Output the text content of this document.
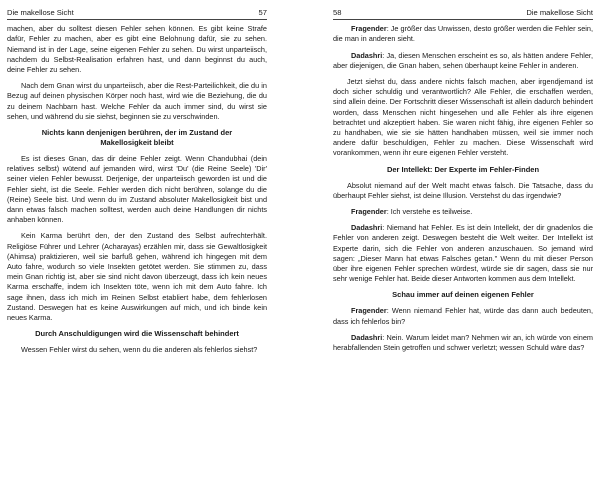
Die makellose Sicht	57

machen, aber du solltest diesen Fehler sehen können. Es gibt keine Strafe dafür, Fehler zu machen, aber es gibt eine Belohnung dafür, sie zu sehen. Niemand ist in der Lage, seine eigenen Fehler zu sehen. Du wirst unparteiisch, nachdem du Selbst-Realisation erfahren hast, und dann beginnst du auch, deine Fehler zu sehen.

Nach dem Gnan wirst du unparteiisch, aber die Rest-Parteilichkeit, die du in Bezug auf deinen physischen Körper noch hast, wird wie die Beziehung, die du zu deinem Nachbarn hast. Welche Fehler da auch immer sind, du wirst sie sehen, und während du sie siehst, beginnen sie zu verschwinden.

Nichts kann denjenigen berühren, der im Zustand der
Makellosigkeit bleibt

Es ist dieses Gnan, das dir deine Fehler zeigt. Wenn Chandubhai (dein relatives selbst) wütend auf jemanden wird, wirst 'Du' (die Reine Seele) 'Dir' seiner vielen Fehler bewusst. Derjenige, der unparteiisch geworden ist und die Fehler sieht, ist die Seele. Fehler werden dich nicht berühren, solange du die (Reine) Seele bist. Und wenn du im Zustand absoluter Makellosigkeit bist und dann etwas falsch machen solltest, werden auch deine Handlungen dir nichts anhaben können.

Kein Karma berührt den, der den Zustand des Selbst aufrechterhält. Religiöse Führer und Lehrer (Acharayas) erzählen mir, dass sie Gewaltlosigkeit (Ahimsa) praktizieren, weil sie barfuß gehen, während ich hingegen mit dem Auto fahre, wodurch so viele Insekten getötet werden. Sie stimmen zu, dass mein Gnan richtig ist, aber sie sind nicht davon überzeugt, dass ich kein neues Karma erschaffe, indem ich Insekten töte, wenn ich mit dem Auto fahre. Ich sage ihnen, dass ich mich im Reinen Selbst etabliert habe, dem fehlerlosen Zustand. Deswegen hat es keine Auswirkungen auf mich, und ich binde kein neues Karma.

Durch Anschuldigungen wird die Wissenschaft behindert

Wessen Fehler wirst du sehen, wenn du die anderen als fehlerlos siehst?

58	Die makellose Sicht

Fragender: Je größer das Unwissen, desto größer werden die Fehler sein, die man in anderen sieht.

Dadashri: Ja, diesen Menschen erscheint es so, als hätten andere Fehler, aber diejenigen, die Gnan haben, sehen überhaupt keine Fehler in anderen.

Jetzt siehst du, dass andere nichts falsch machen, aber irgendjemand ist doch sicher schuldig und verantwortlich? Alle Fehler, die erschaffen werden, sind allein deine. Der Fortschritt dieser Wissenschaft ist allein dadurch behindert worden, dass Menschen nicht hingesehen und alle Fehler als ihre eigenen betrachtet und akzeptiert haben. Sie waren nicht fähig, ihre eigenen Fehler so zu handhaben, wie sie sie hätten handhaben müssen, weil sie immer noch andere dafür beschuldigen, Fehler zu machen. Diese Wissenschaft wird vorankommen, wenn ihr eure eigenen Fehler versteht.

Der Intellekt: Der Experte im Fehler-Finden

Absolut niemand auf der Welt macht etwas falsch. Die Tatsache, dass du überhaupt Fehler siehst, ist deine Illusion. Verstehst du das irgendwie?

Fragender: Ich verstehe es teilweise.

Dadashri: Niemand hat Fehler. Es ist dein Intellekt, der dir gnadenlos die Fehler von anderen zeigt. Deswegen besteht die Welt weiter. Der Intellekt ist Experte darin, sich die Fehler von anderen anzuschauen. So jemand wird sagen: „Dieser Mann hat etwas Falsches getan." Wenn du mit dieser Person über ihre eigenen Fehler sprechen würdest, würde sie dir sagen, dass sie nur sehr wenige Fehler hat. Beide dieser Antworten kommen aus dem Intellekt.

Schau immer auf deinen eigenen Fehler

Fragender: Wenn niemand Fehler hat, würde das dann auch bedeuten, dass ich fehlerlos bin?

Dadashri: Nein. Warum leidet man? Nehmen wir an, ich würde von einem herabfallenden Stein getroffen und schwer verletzt; wessen Schuld wäre das?
